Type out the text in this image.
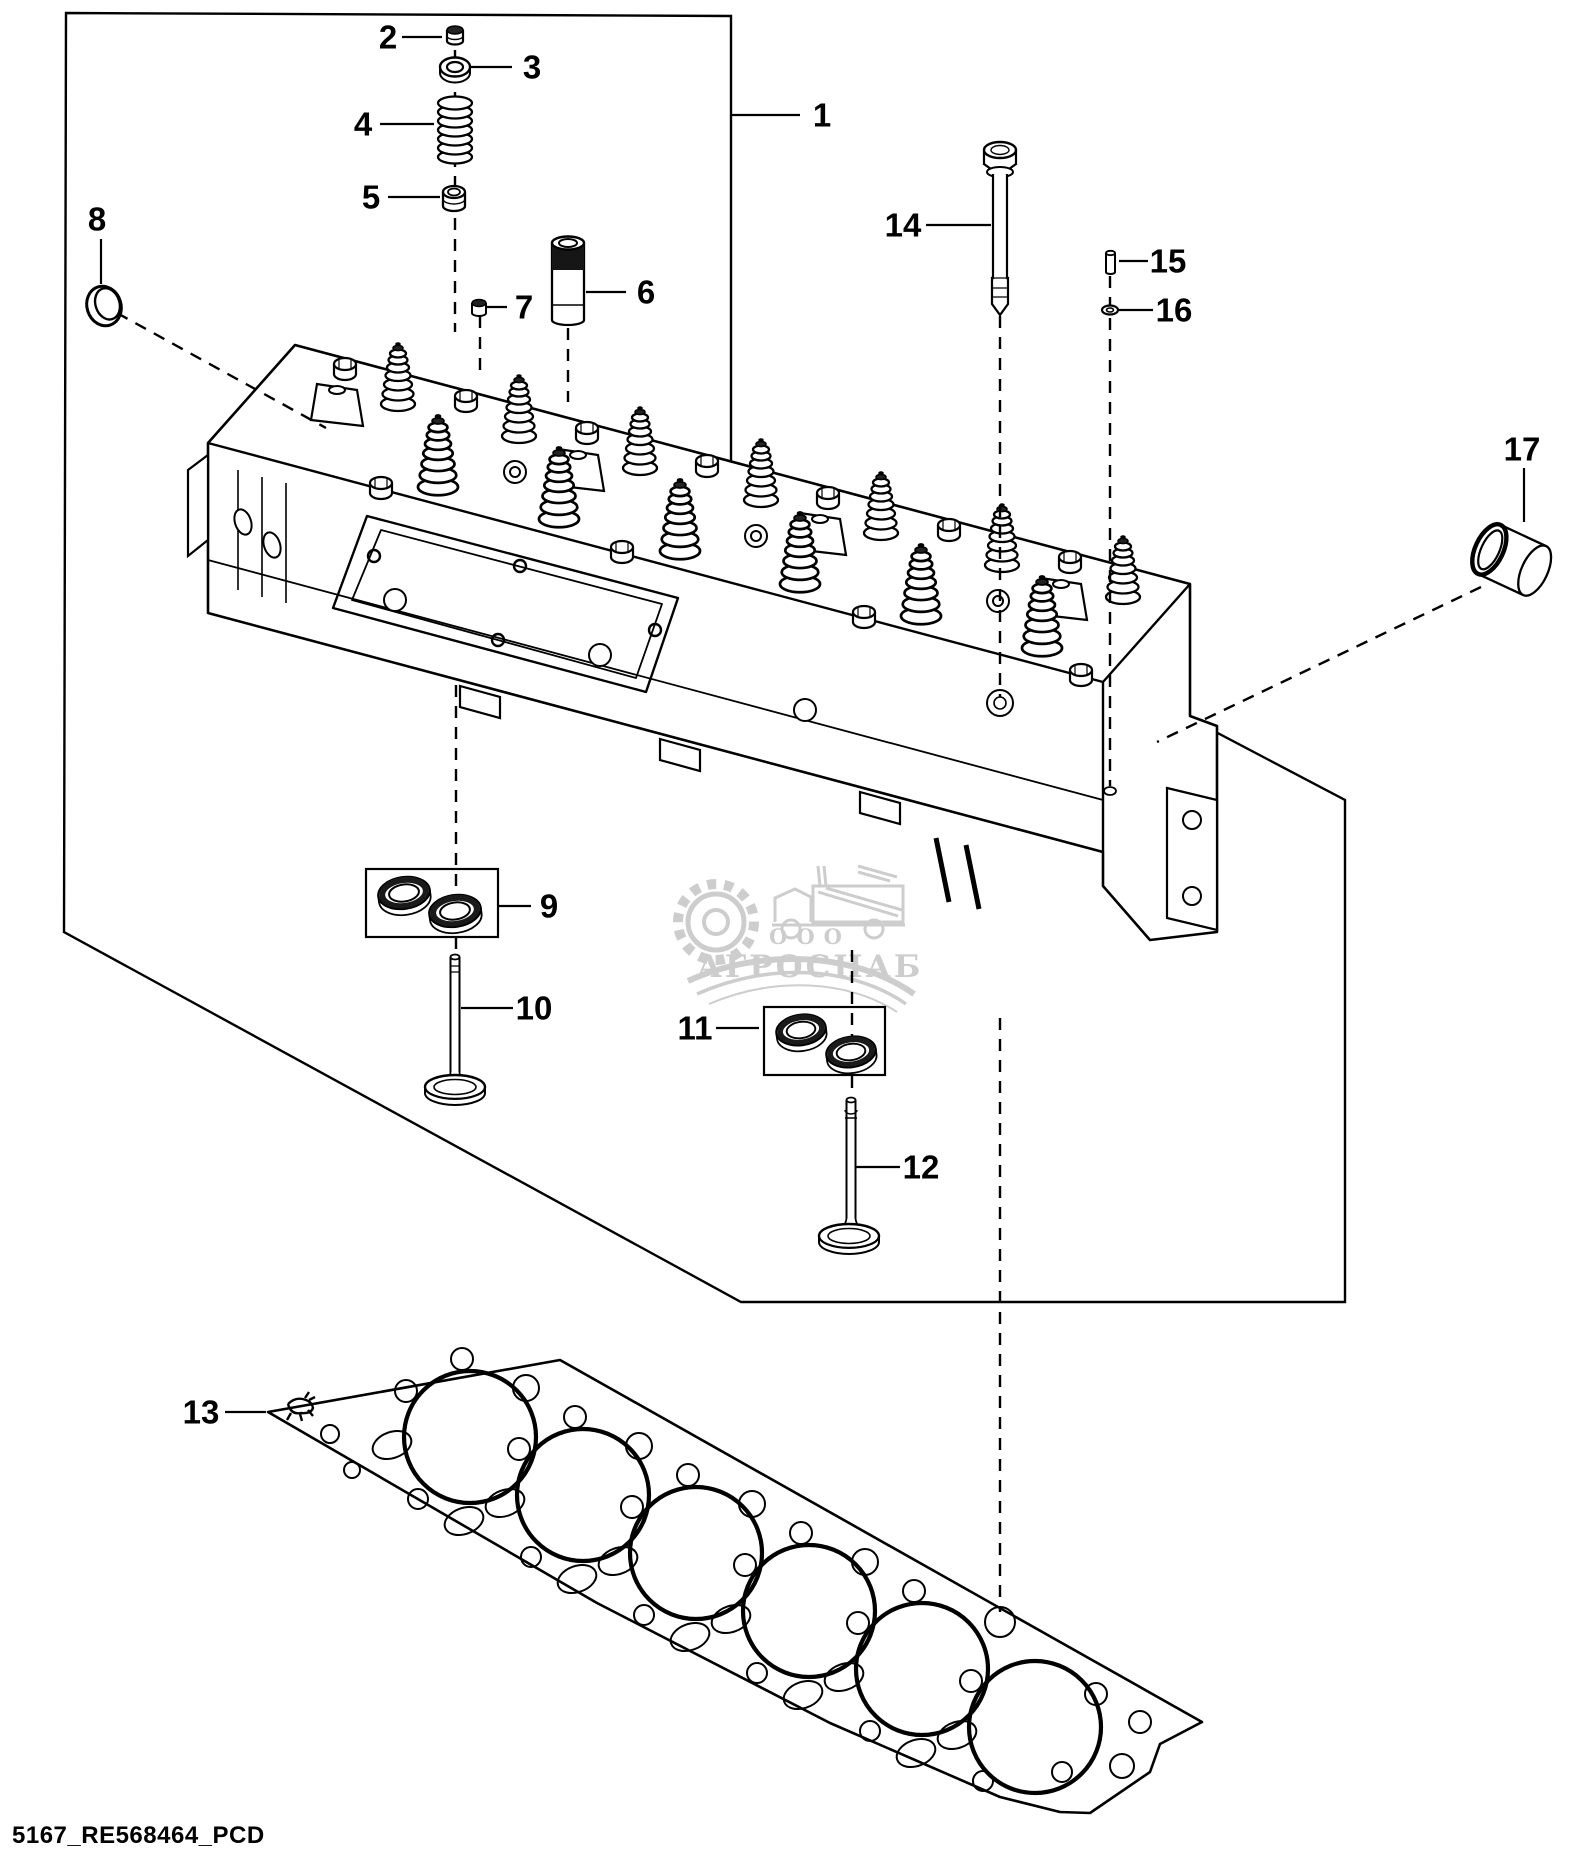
ООО
АГРОСНАБ
1
2
3
4
5
6
7
8
9
10
11
12
13
14
15
16
17
5167_RE568464_PCD
